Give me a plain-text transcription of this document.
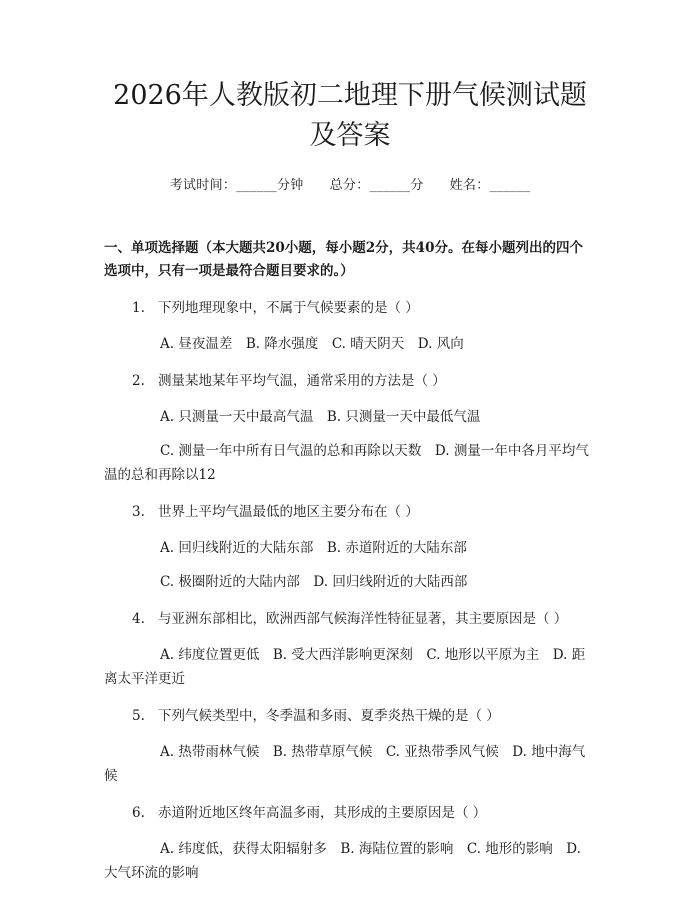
2026年人教版初二地理下册气候测试题及答案
考试时间：______分钟 总分：______分 姓名：______
一、单项选择题（本大题共20小题，每小题2分，共40分。在每小题列出的四个选项中，只有一项是最符合题目要求的。）
1. 下列地理现象中，不属于气候要素的是（ ）
A. 昼夜温差　B. 降水强度　C. 晴天阴天　D. 风向
2. 测量某地某年平均气温，通常采用的方法是（ ）
A. 只测量一天中最高气温　B. 只测量一天中最低气温
C. 测量一年中所有日气温的总和再除以天数　D. 测量一年中各月平均气温的总和再除以12
3. 世界上平均气温最低的地区主要分布在（ ）
A. 回归线附近的大陆东部　B. 赤道附近的大陆东部
C. 极圈附近的大陆内部　D. 回归线附近的大陆西部
4. 与亚洲东部相比，欧洲西部气候海洋性特征显著，其主要原因是（ ）
A. 纬度位置更低　B. 受大西洋影响更深刻　C. 地形以平原为主　D. 距离太平洋更近
5. 下列气候类型中，冬季温和多雨、夏季炎热干燥的是（ ）
A. 热带雨林气候　B. 热带草原气候　C. 亚热带季风气候　D. 地中海气候
6. 赤道附近地区终年高温多雨，其形成的主要原因是（ ）
A. 纬度低，获得太阳辐射多　B. 海陆位置的影响　C. 地形的影响　D. 大气环流的影响
